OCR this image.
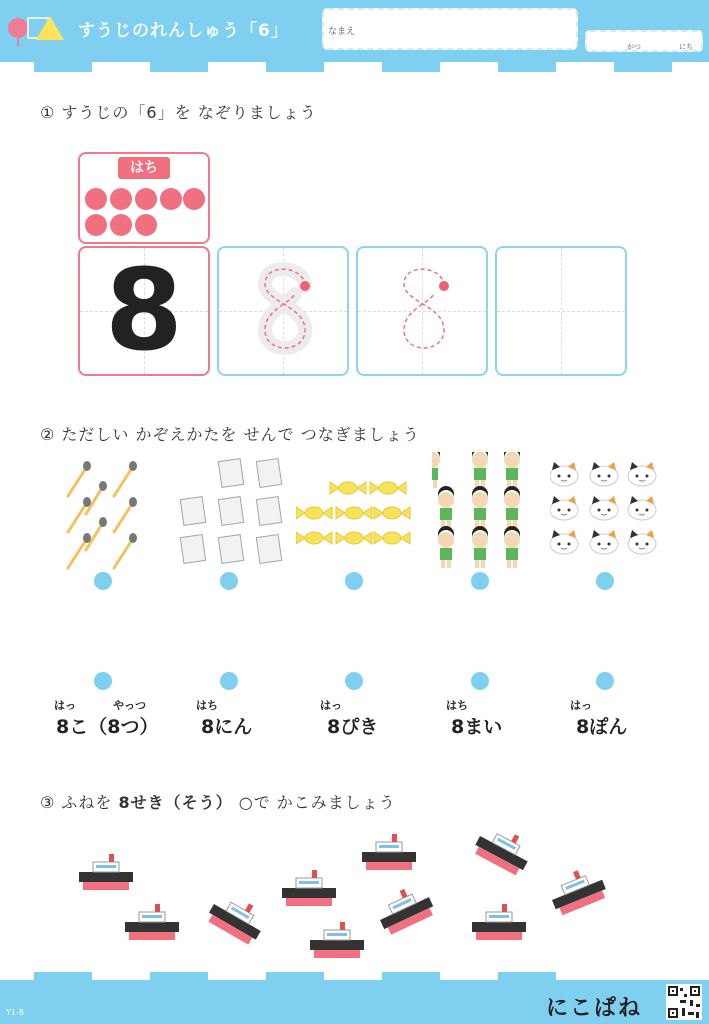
すうじのれんしゅう「6」	なまえ
がつ	にち
① すうじの「6」を なぞりましょう
はち
8
② ただしい かぞえかたを せんで つなぎましょう
はっ	やっつ
8こ（8つ）
はち
8にん
はっ
8ぴき
はち
8まい
はっ
8ぽん
③ ふねを 8せき（そう） ○で かこみましょう
Y1-8	にこぱね
